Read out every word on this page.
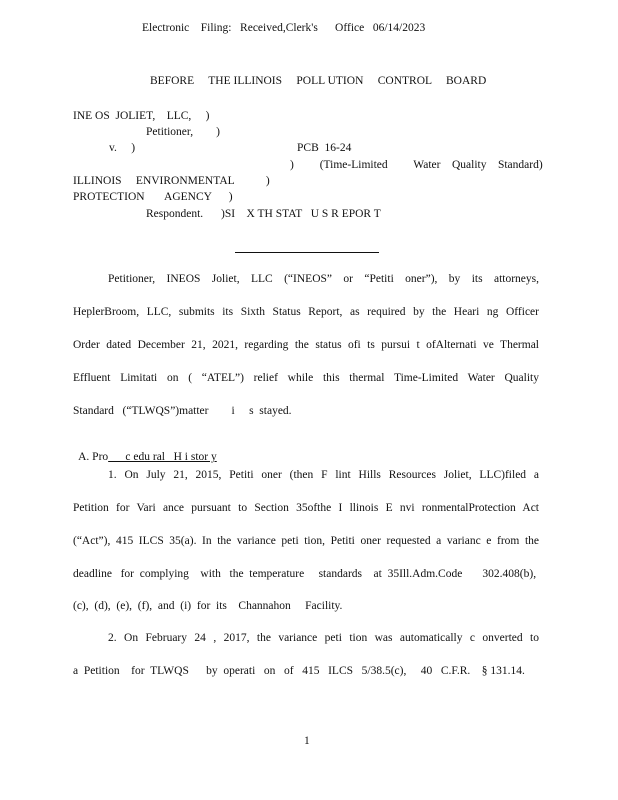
Electronic    Filing:   Received,Clerk's      Office   06/14/2023
BEFORE     THE ILLINOIS     POLL UTION     CONTROL     BOARD
INE OS  JOLIET,    LLC,     )
Petitioner,        )
v.     )	PCB  16-24
)         (Time-Limited         Water    Quality    Standard)
ILLINOIS     ENVIRONMENTAL           )
PROTECTION       AGENCY      )
Respondent. )SI    X TH STAT   U S R EPOR T
Petitioner, INEOS Joliet, LLC (“INEOS” or “Petiti oner”), by its attorneys,
HeplerBroom, LLC, submits its Sixth Status Report, as required by the Heari ng Officer
Order dated December 21, 2021, regarding the status ofi ts pursui t ofAlternati ve Thermal
Effluent Limitati on ( “ATEL”) relief while this thermal Time-Limited Water Quality
Standard   (“TLWQS”)matter        i     s  stayed.

A. Pro      c edu ral   H i stor y

1. On July 21, 2015, Petiti oner (then F lint Hills Resources Joliet, LLC)filed a
Petition for Vari ance pursuant to Section 35ofthe I llinois E nvi ronmentalProtection Act
(“Act”), 415 ILCS 35(a). In the variance peti tion, Petiti oner requested a varianc e from the
deadline   for  complying    with   the  temperature     standards    at  35Ill.Adm.Code       302.408(b),
(c),  (d),  (e),  (f),  and  (i)  for  its    Channahon     Facility.
2. On February 24 , 2017, the variance peti tion was automatically c onverted to
a  Petition    for  TLWQS      by  operati   on   of   415   ILCS   5/38.5(c),     40   C.F.R.    § 131.14.
1
